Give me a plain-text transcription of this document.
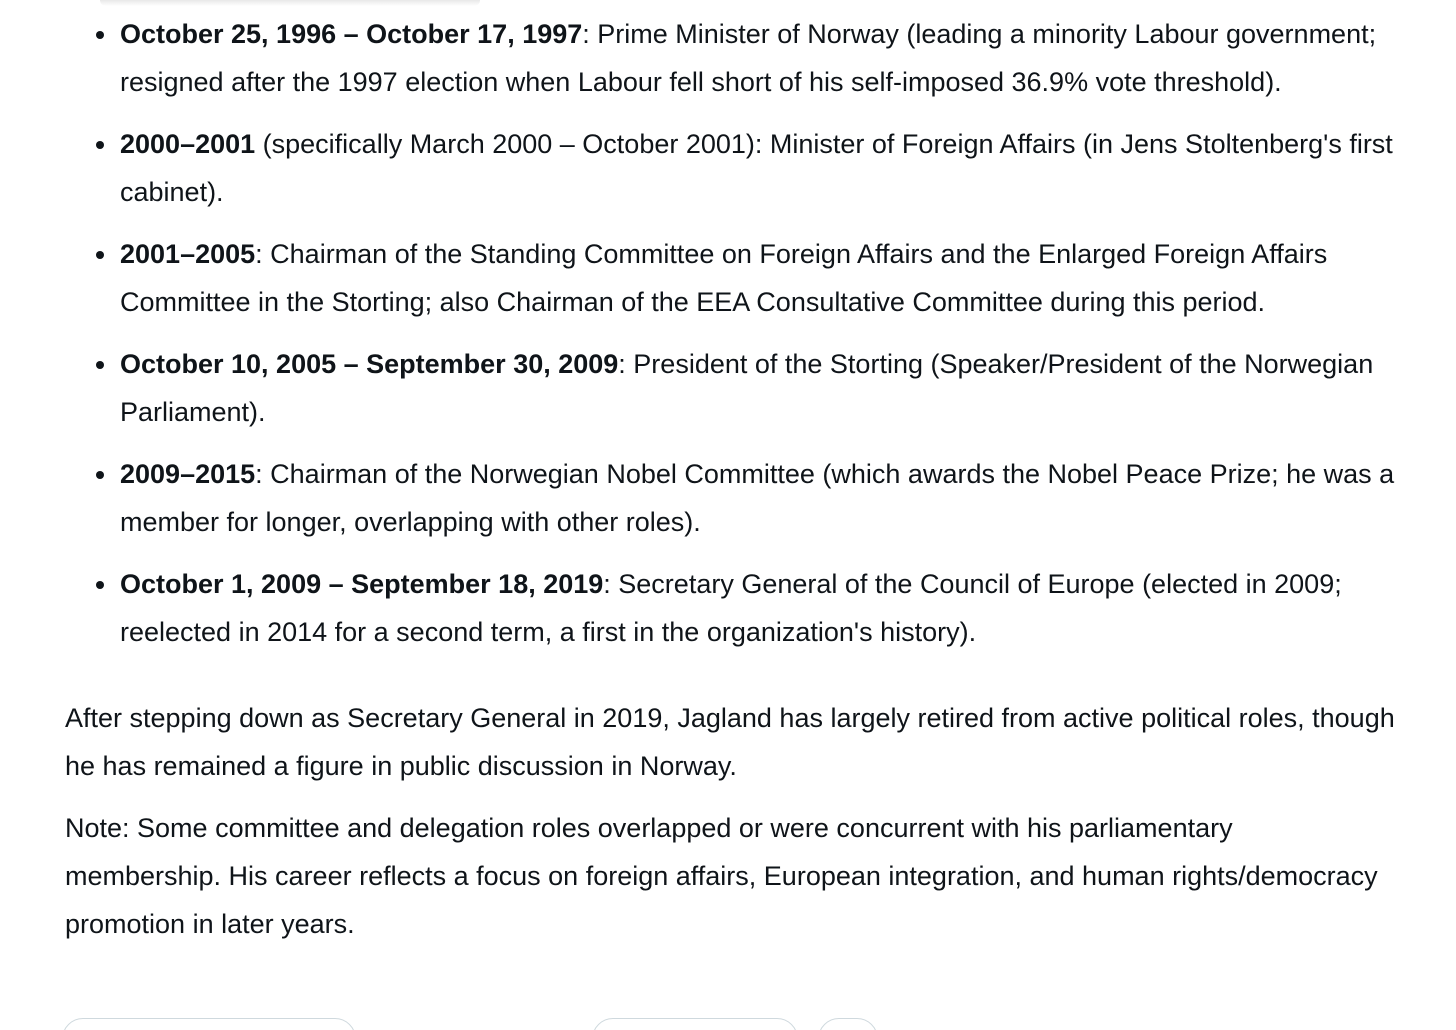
October 25, 1996 – October 17, 1997: Prime Minister of Norway (leading a minority Labour government; resigned after the 1997 election when Labour fell short of his self-imposed 36.9% vote threshold).
2000–2001 (specifically March 2000 – October 2001): Minister of Foreign Affairs (in Jens Stoltenberg's first cabinet).
2001–2005: Chairman of the Standing Committee on Foreign Affairs and the Enlarged Foreign Affairs Committee in the Storting; also Chairman of the EEA Consultative Committee during this period.
October 10, 2005 – September 30, 2009: President of the Storting (Speaker/President of the Norwegian Parliament).
2009–2015: Chairman of the Norwegian Nobel Committee (which awards the Nobel Peace Prize; he was a member for longer, overlapping with other roles).
October 1, 2009 – September 18, 2019: Secretary General of the Council of Europe (elected in 2009; reelected in 2014 for a second term, a first in the organization's history).

After stepping down as Secretary General in 2019, Jagland has largely retired from active political roles, though he has remained a figure in public discussion in Norway.

Note: Some committee and delegation roles overlapped or were concurrent with his parliamentary membership. His career reflects a focus on foreign affairs, European integration, and human rights/democracy promotion in later years.
